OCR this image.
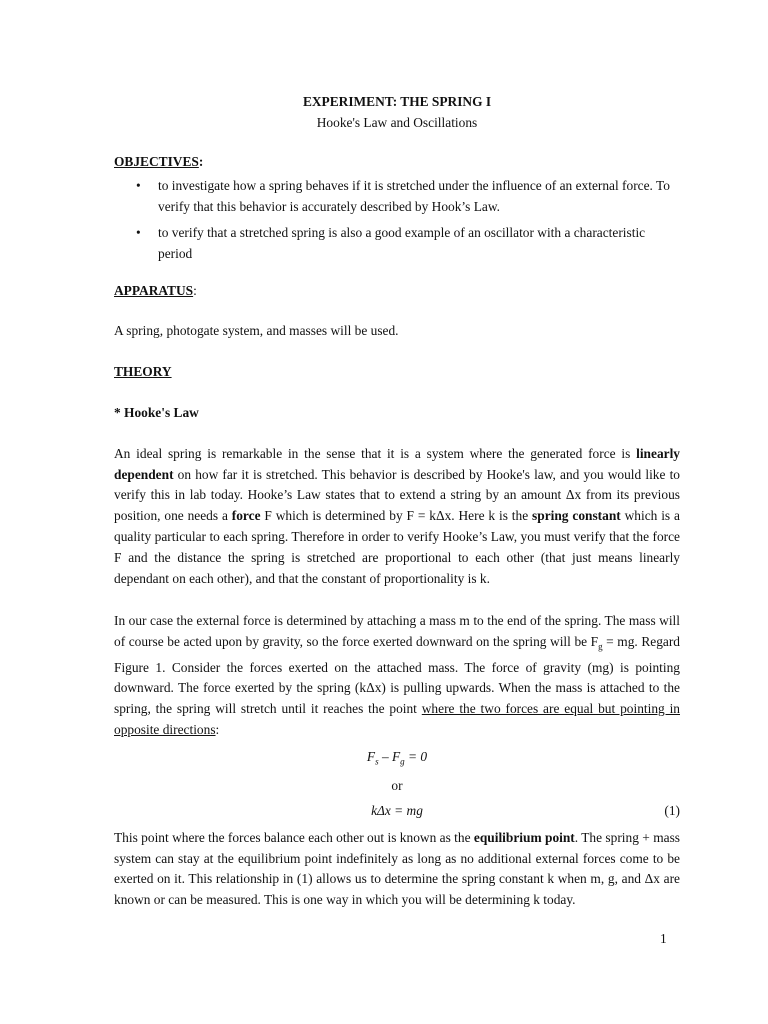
EXPERIMENT: THE SPRING I

Hooke's Law and Oscillations

OBJECTIVES:

• to investigate how a spring behaves if it is stretched under the influence of an external force. To verify that this behavior is accurately described by Hook’s Law.
• to verify that a stretched spring is also a good example of an oscillator with a characteristic period

APPARATUS:

A spring, photogate system, and masses will be used.

THEORY

* Hooke's Law

An ideal spring is remarkable in the sense that it is a system where the generated force is linearly dependent on how far it is stretched. This behavior is described by Hooke's law, and you would like to verify this in lab today. Hooke’s Law states that to extend a string by an amount Δx from its previous position, one needs a force F which is determined by F = kΔx. Here k is the spring constant which is a quality particular to each spring. Therefore in order to verify Hooke’s Law, you must verify that the force F and the distance the spring is stretched are proportional to each other (that just means linearly dependant on each other), and that the constant of proportionality is k.

In our case the external force is determined by attaching a mass m to the end of the spring. The mass will of course be acted upon by gravity, so the force exerted downward on the spring will be $F_g$ = mg. Regard Figure 1. Consider the forces exerted on the attached mass. The force of gravity (mg) is pointing downward. The force exerted by the spring (kΔx) is pulling upwards. When the mass is attached to the spring, the spring will stretch until it reaches the point where the two forces are equal but pointing in opposite directions:

$F_s - F_g = 0$

or

kΔx = mg	(1)

This point where the forces balance each other out is known as the equilibrium point. The spring + mass system can stay at the equilibrium point indefinitely as long as no additional external forces come to be exerted on it. This relationship in (1) allows us to determine the spring constant k when m, g, and Δx are known or can be measured. This is one way in which you will be determining k today.

1
